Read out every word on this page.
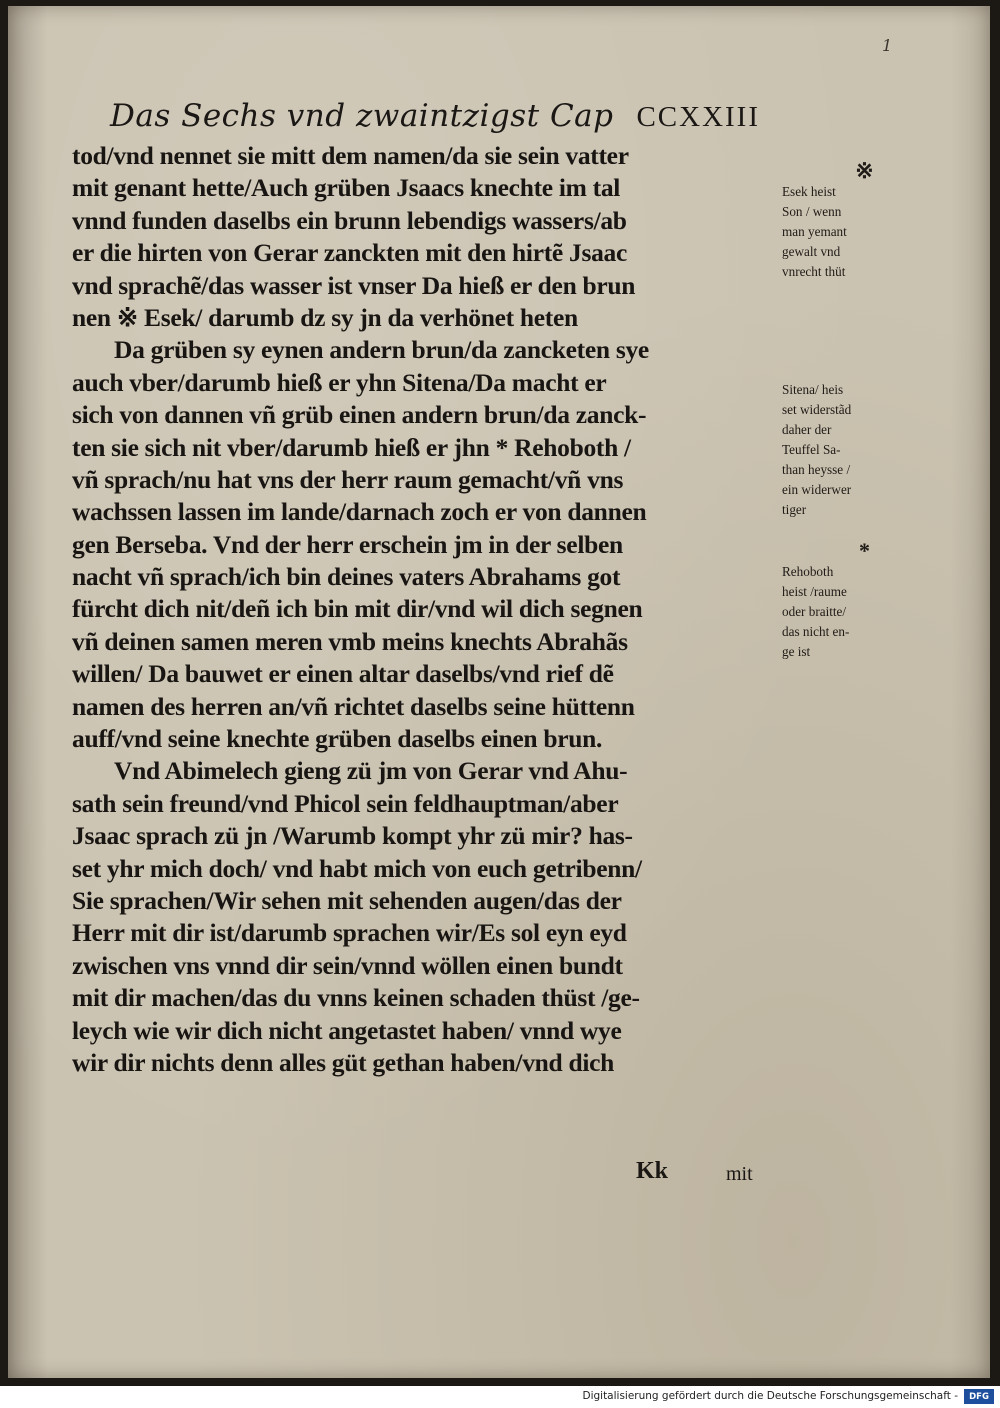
1
Das Sechs vnd zwaintzigst Cap CCXXIII
tod/vnd nennet sie mitt dem namen/da sie sein vatter
mit genant hette/Auch grüben Jsaacs knechte im tal
vnnd funden daselbs ein brunn lebendigs wassers/ab
er die hirten von Gerar zanckten mit den hirtẽ Jsaac
vnd sprachẽ/das wasser ist vnser Da hieß er den brun
nen ※ Esek/ darumb dz sy jn da verhönet heten
Da grüben sy eynen andern brun/da zancketen sye
auch vber/darumb hieß er yhn Sitena/Da macht er
sich von dannen vñ grüb einen andern brun/da zanck-
ten sie sich nit vber/darumb hieß er jhn * Rehoboth /
vñ sprach/nu hat vns der herr raum gemacht/vñ vns
wachssen lassen im lande/darnach zoch er von dannen
gen Berseba. Vnd der herr erschein jm in der selben
nacht vñ sprach/ich bin deines vaters Abrahams got
fürcht dich nit/deñ ich bin mit dir/vnd wil dich segnen
vñ deinen samen meren vmb meins knechts Abrahãs
willen/ Da bauwet er einen altar daselbs/vnd rief dẽ
namen des herren an/vñ richtet daselbs seine hüttenn
auff/vnd seine knechte grüben daselbs einen brun.
Vnd Abimelech gieng zü jm von Gerar vnd Ahu-
sath sein freund/vnd Phicol sein feldhauptman/aber
Jsaac sprach zü jn /Warumb kompt yhr zü mir? has-
set yhr mich doch/ vnd habt mich von euch getribenn/
Sie sprachen/Wir sehen mit sehenden augen/das der
Herr mit dir ist/darumb sprachen wir/Es sol eyn eyd
zwischen vns vnnd dir sein/vnnd wöllen einen bundt
mit dir machen/das du vnns keinen schaden thüst /ge-
leych wie wir dich nicht angetastet haben/ vnnd wye
wir dir nichts denn alles güt gethan haben/vnd dich
※
Esek heist
Son / wenn
man yemant
gewalt vnd
vnrecht thüt
Sitena/ heis
set widerstãd
daher der
Teuffel Sa-
than heysse /
ein widerwer
tiger
*
Rehoboth
heist /raume
oder braitte/
das nicht en-
ge ist
Kk	mit
Digitalisierung gefördert durch die Deutsche Forschungsgemeinschaft -	DFG
